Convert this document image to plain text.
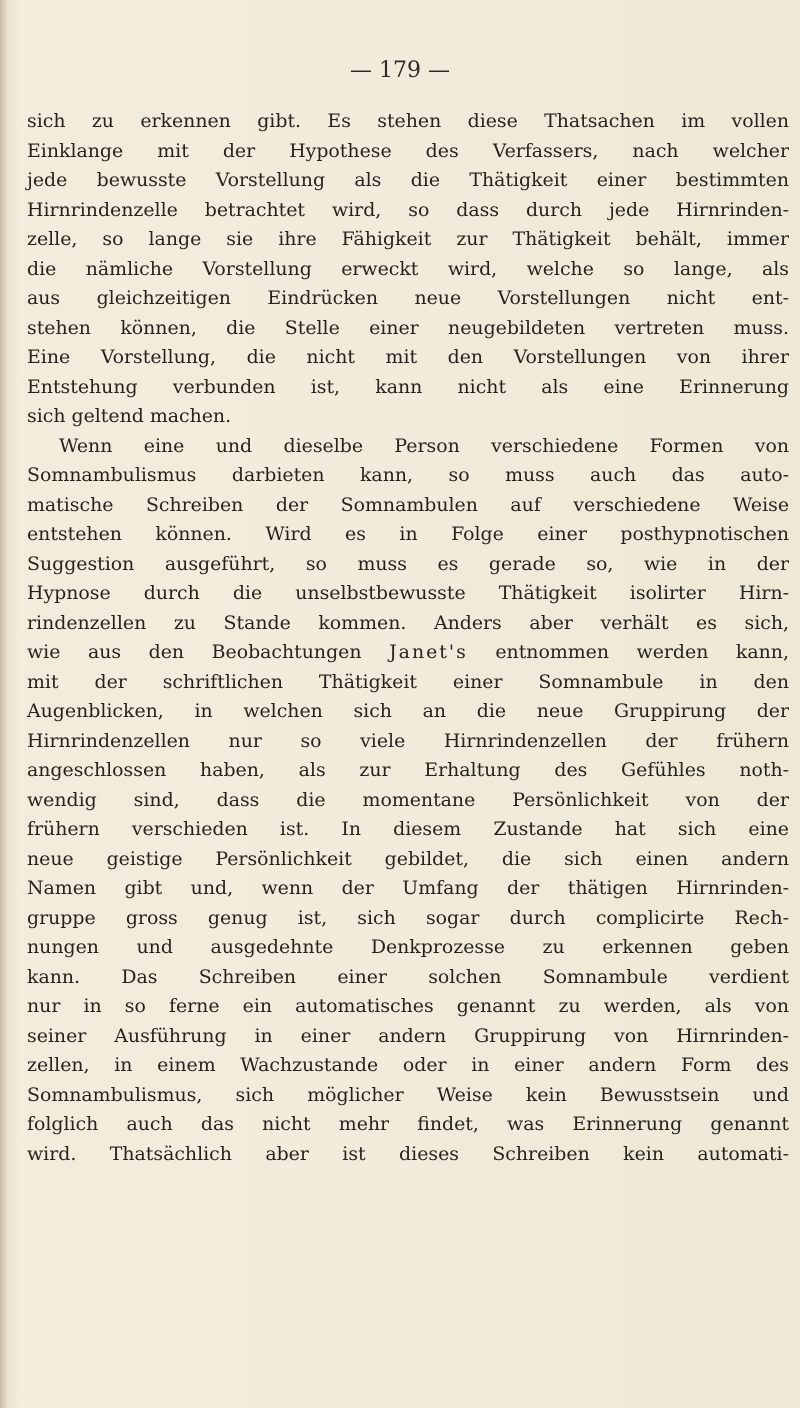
— 179 —

sich zu erkennen gibt. Es stehen diese Thatsachen im vollen
Einklange mit der Hypothese des Verfassers, nach welcher
jede bewusste Vorstellung als die Thätigkeit einer bestimmten
Hirnrindenzelle betrachtet wird, so dass durch jede Hirnrinden-
zelle, so lange sie ihre Fähigkeit zur Thätigkeit behält, immer
die nämliche Vorstellung erweckt wird, welche so lange, als
aus gleichzeitigen Eindrücken neue Vorstellungen nicht ent-
stehen können, die Stelle einer neugebildeten vertreten muss.
Eine Vorstellung, die nicht mit den Vorstellungen von ihrer
Entstehung verbunden ist, kann nicht als eine Erinnerung
sich geltend machen.
Wenn eine und dieselbe Person verschiedene Formen von
Somnambulismus darbieten kann, so muss auch das auto-
matische Schreiben der Somnambulen auf verschiedene Weise
entstehen können. Wird es in Folge einer posthypnotischen
Suggestion ausgeführt, so muss es gerade so, wie in der
Hypnose durch die unselbstbewusste Thätigkeit isolirter Hirn-
rindenzellen zu Stande kommen. Anders aber verhält es sich,
wie aus den Beobachtungen Janet's entnommen werden kann,
mit der schriftlichen Thätigkeit einer Somnambule in den
Augenblicken, in welchen sich an die neue Gruppirung der
Hirnrindenzellen nur so viele Hirnrindenzellen der frühern
angeschlossen haben, als zur Erhaltung des Gefühles noth-
wendig sind, dass die momentane Persönlichkeit von der
frühern verschieden ist. In diesem Zustande hat sich eine
neue geistige Persönlichkeit gebildet, die sich einen andern
Namen gibt und, wenn der Umfang der thätigen Hirnrinden-
gruppe gross genug ist, sich sogar durch complicirte Rech-
nungen und ausgedehnte Denkprozesse zu erkennen geben
kann. Das Schreiben einer solchen Somnambule verdient
nur in so ferne ein automatisches genannt zu werden, als von
seiner Ausführung in einer andern Gruppirung von Hirnrinden-
zellen, in einem Wachzustande oder in einer andern Form des
Somnambulismus, sich möglicher Weise kein Bewusstsein und
folglich auch das nicht mehr findet, was Erinnerung genannt
wird. Thatsächlich aber ist dieses Schreiben kein automati-
